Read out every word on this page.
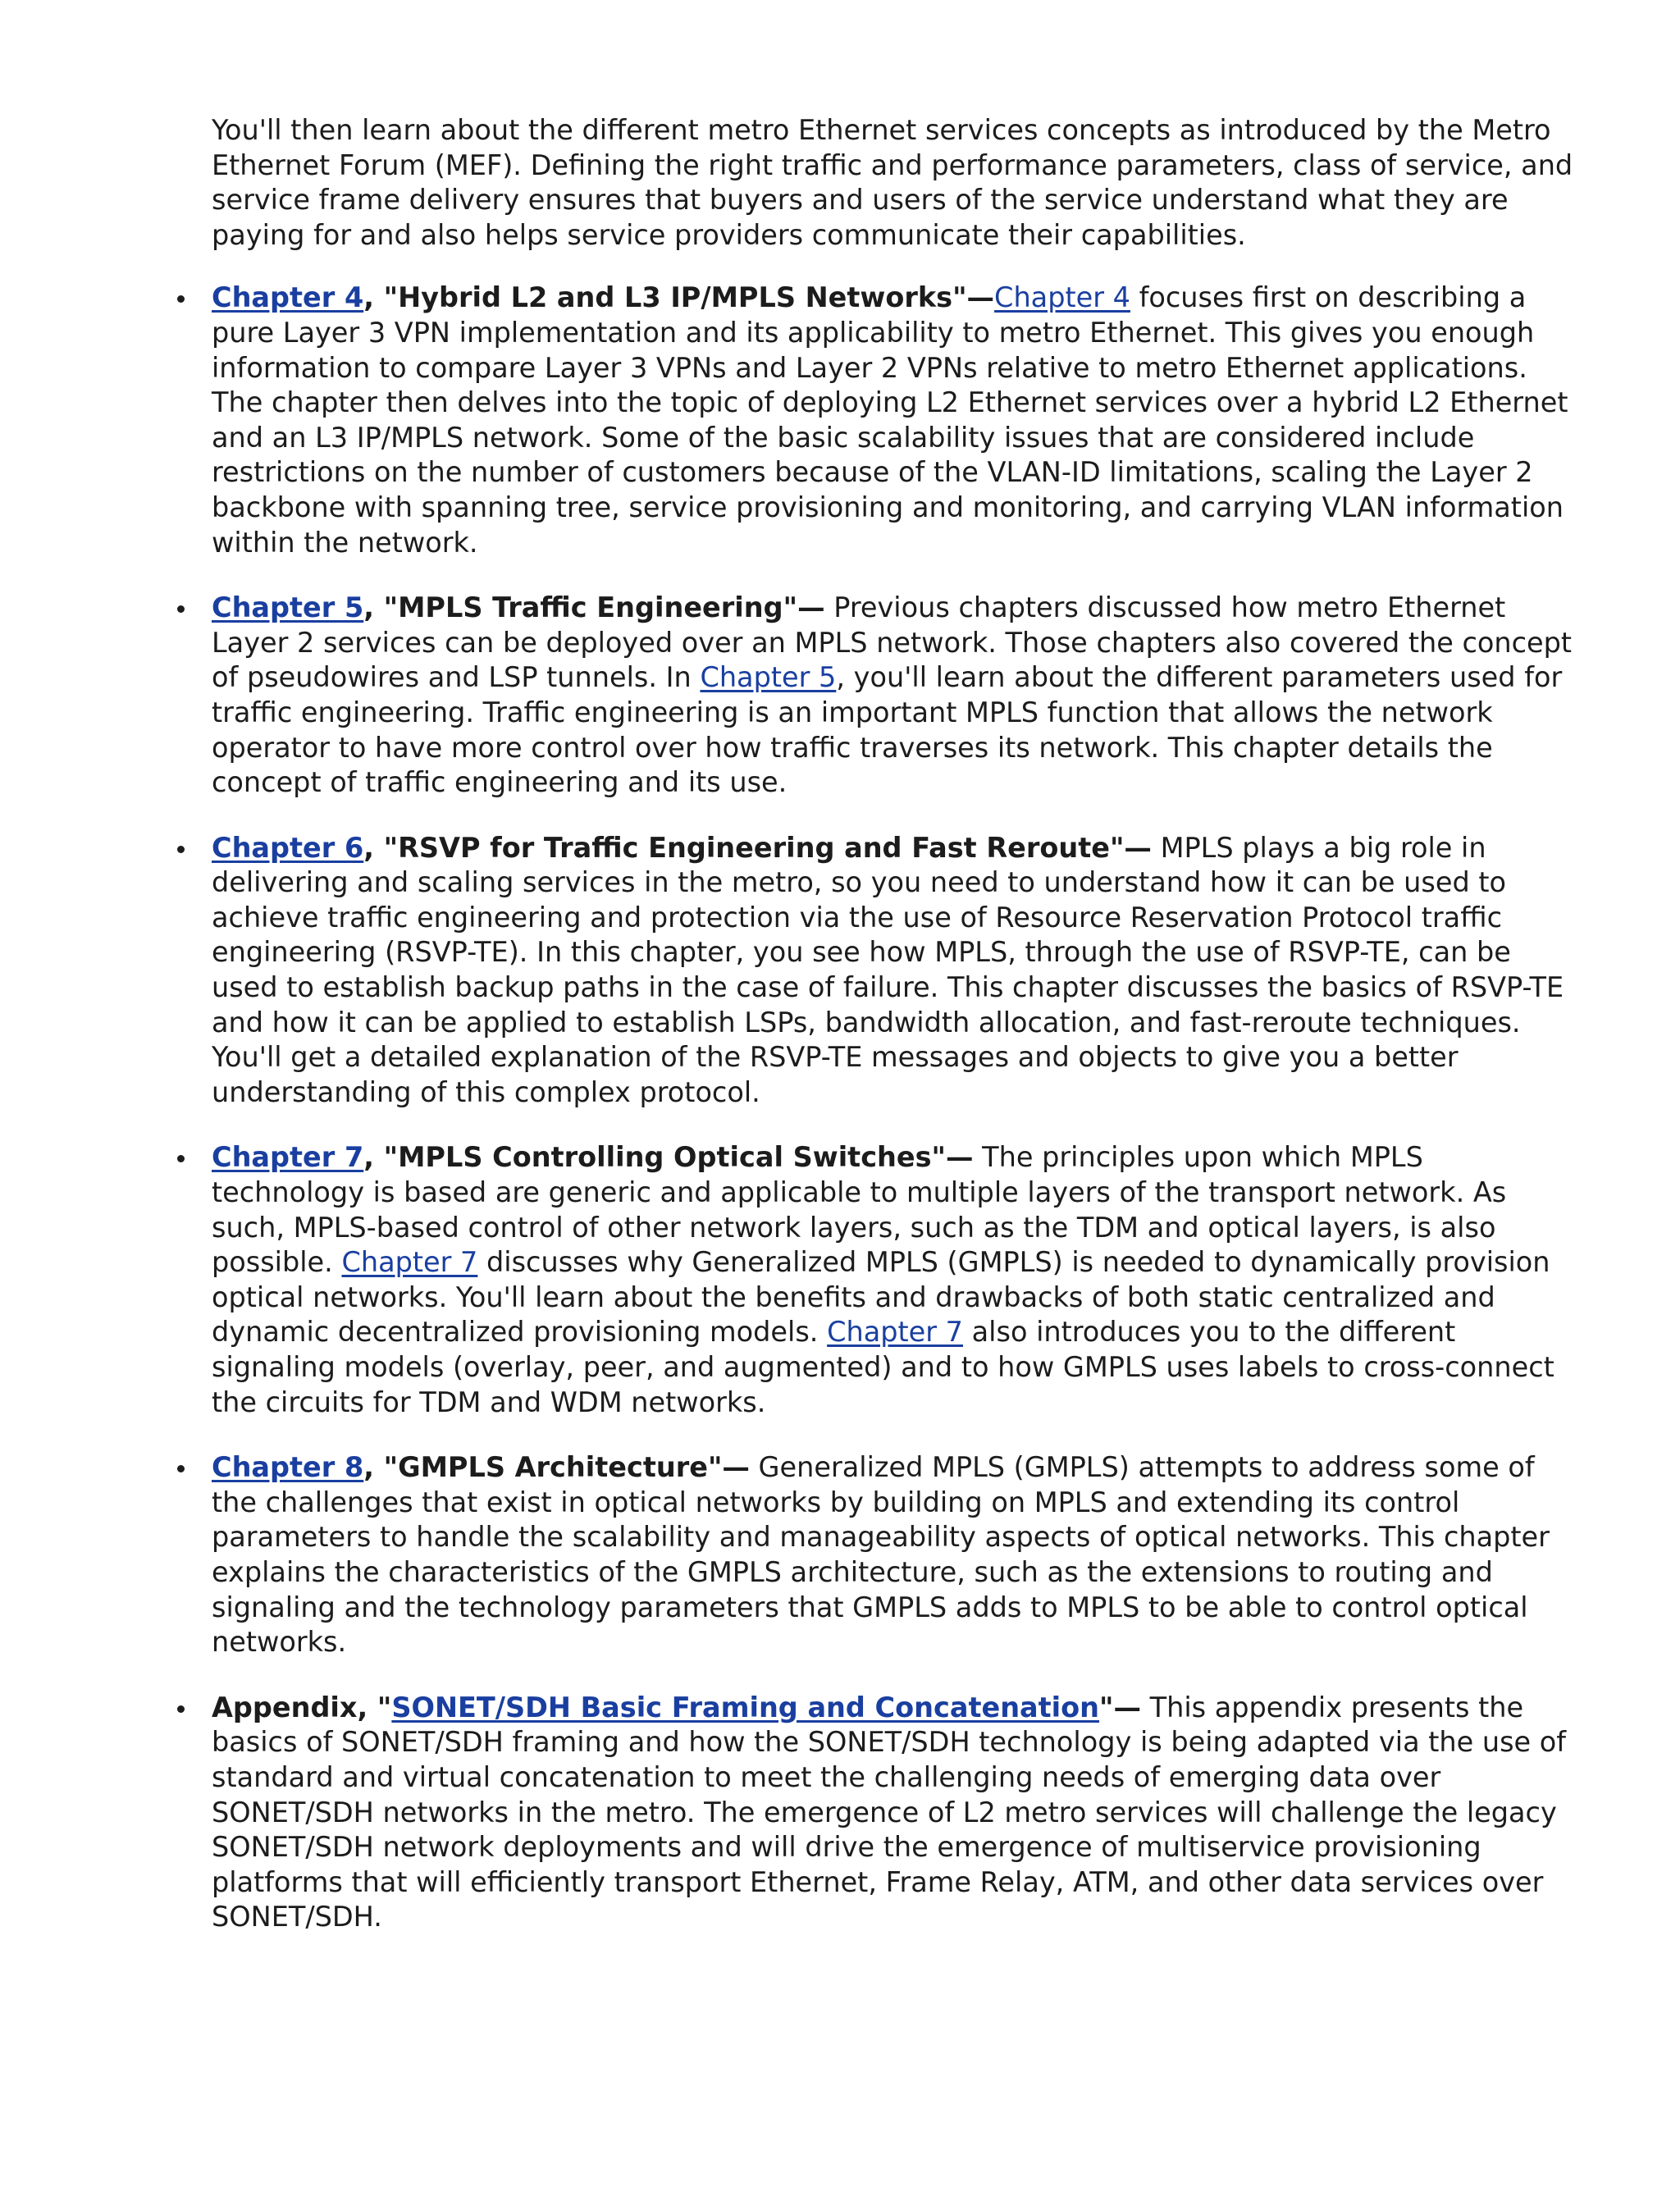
You'll then learn about the different metro Ethernet services concepts as introduced by the Metro Ethernet Forum (MEF). Defining the right traffic and performance parameters, class of service, and service frame delivery ensures that buyers and users of the service understand what they are paying for and also helps service providers communicate their capabilities.

Chapter 4, "Hybrid L2 and L3 IP/MPLS Networks"—Chapter 4 focuses first on describing a pure Layer 3 VPN implementation and its applicability to metro Ethernet. This gives you enough information to compare Layer 3 VPNs and Layer 2 VPNs relative to metro Ethernet applications. The chapter then delves into the topic of deploying L2 Ethernet services over a hybrid L2 Ethernet and an L3 IP/MPLS network. Some of the basic scalability issues that are considered include restrictions on the number of customers because of the VLAN-ID limitations, scaling the Layer 2 backbone with spanning tree, service provisioning and monitoring, and carrying VLAN information within the network.
Chapter 5, "MPLS Traffic Engineering"— Previous chapters discussed how metro Ethernet Layer 2 services can be deployed over an MPLS network. Those chapters also covered the concept of pseudowires and LSP tunnels. In Chapter 5, you'll learn about the different parameters used for traffic engineering. Traffic engineering is an important MPLS function that allows the network operator to have more control over how traffic traverses its network. This chapter details the concept of traffic engineering and its use.
Chapter 6, "RSVP for Traffic Engineering and Fast Reroute"— MPLS plays a big role in delivering and scaling services in the metro, so you need to understand how it can be used to achieve traffic engineering and protection via the use of Resource Reservation Protocol traffic engineering (RSVP-TE). In this chapter, you see how MPLS, through the use of RSVP-TE, can be used to establish backup paths in the case of failure. This chapter discusses the basics of RSVP-TE and how it can be applied to establish LSPs, bandwidth allocation, and fast-reroute techniques. You'll get a detailed explanation of the RSVP-TE messages and objects to give you a better understanding of this complex protocol.
Chapter 7, "MPLS Controlling Optical Switches"— The principles upon which MPLS technology is based are generic and applicable to multiple layers of the transport network. As such, MPLS-based control of other network layers, such as the TDM and optical layers, is also possible. Chapter 7 discusses why Generalized MPLS (GMPLS) is needed to dynamically provision optical networks. You'll learn about the benefits and drawbacks of both static centralized and dynamic decentralized provisioning models. Chapter 7 also introduces you to the different signaling models (overlay, peer, and augmented) and to how GMPLS uses labels to cross-connect the circuits for TDM and WDM networks.
Chapter 8, "GMPLS Architecture"— Generalized MPLS (GMPLS) attempts to address some of the challenges that exist in optical networks by building on MPLS and extending its control parameters to handle the scalability and manageability aspects of optical networks. This chapter explains the characteristics of the GMPLS architecture, such as the extensions to routing and signaling and the technology parameters that GMPLS adds to MPLS to be able to control optical networks.
Appendix, "SONET/SDH Basic Framing and Concatenation"— This appendix presents the basics of SONET/SDH framing and how the SONET/SDH technology is being adapted via the use of standard and virtual concatenation to meet the challenging needs of emerging data over SONET/SDH networks in the metro. The emergence of L2 metro services will challenge the legacy SONET/SDH network deployments and will drive the emergence of multiservice provisioning platforms that will efficiently transport Ethernet, Frame Relay, ATM, and other data services over SONET/SDH.
